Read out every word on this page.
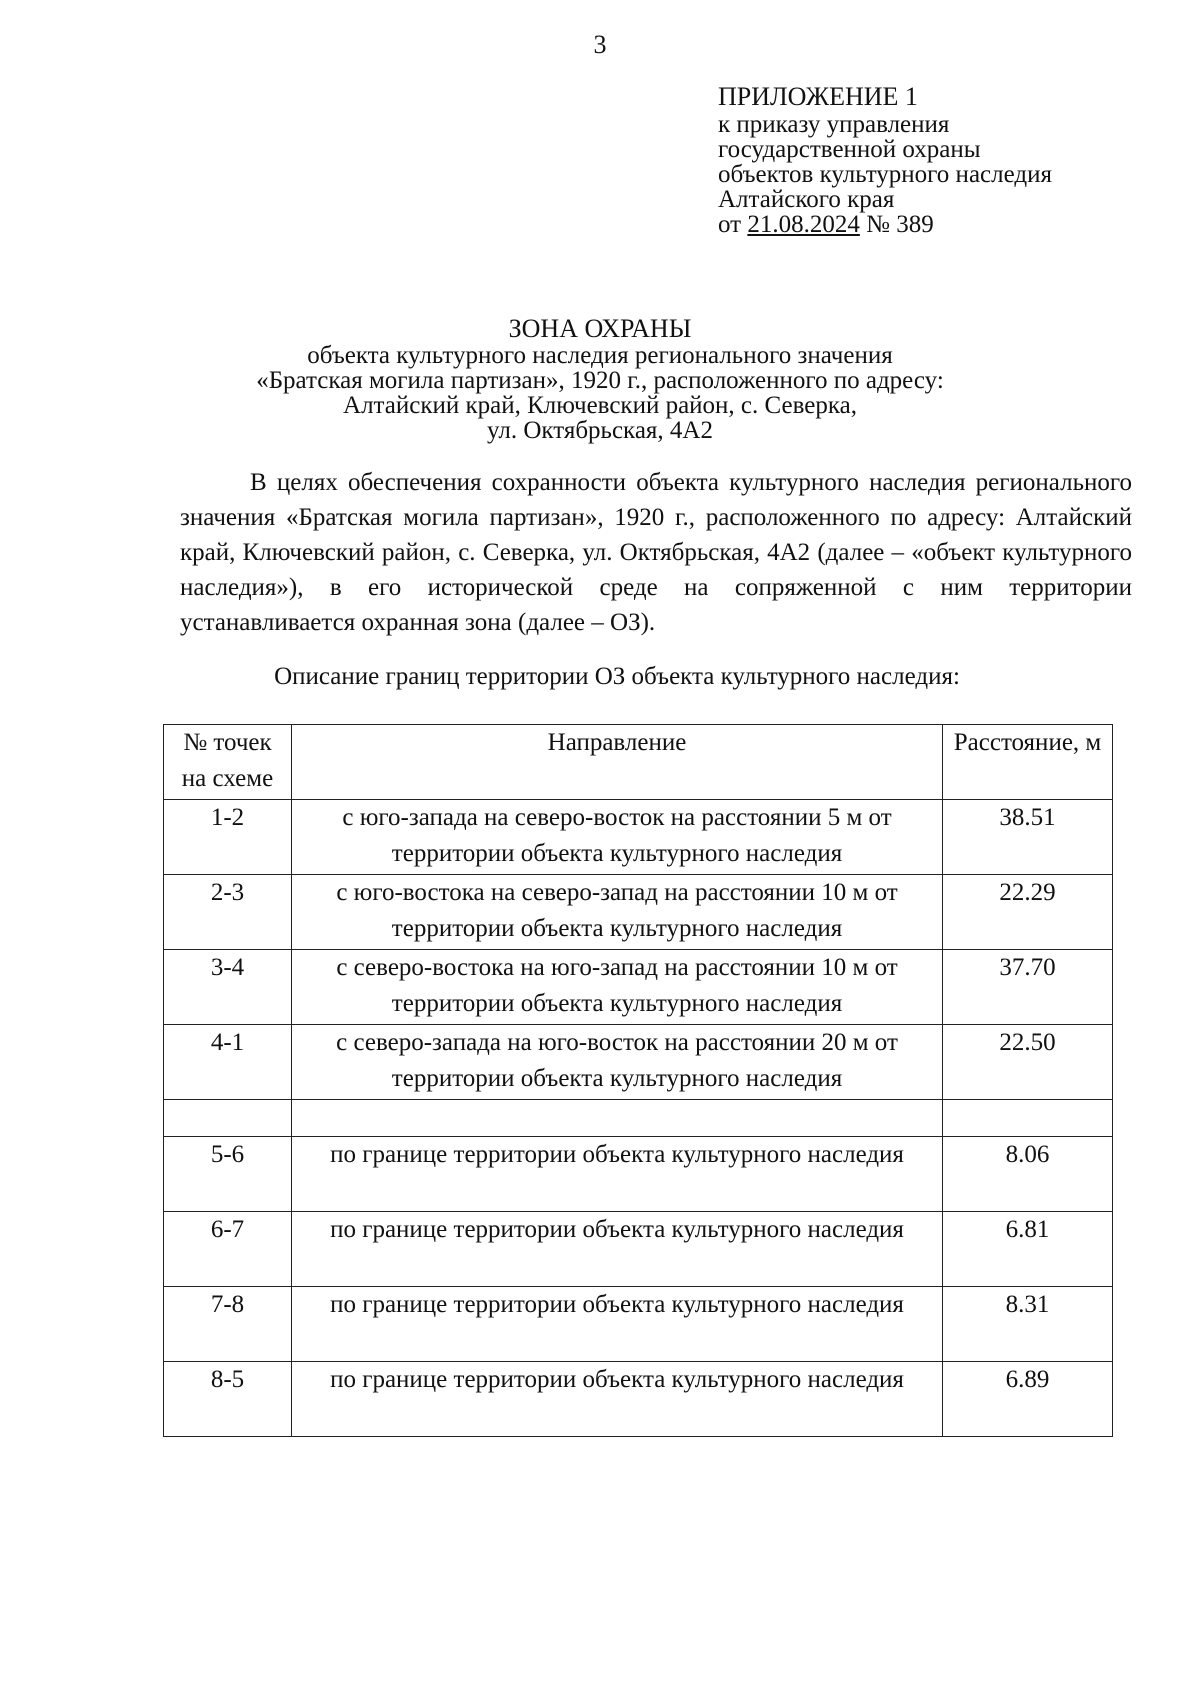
3
ПРИЛОЖЕНИЕ 1
к приказу управления
государственной охраны
объектов культурного наследия
Алтайского края
от 21.08.2024 № 389
ЗОНА ОХРАНЫ
объекта культурного наследия регионального значения
«Братская могила партизан», 1920 г., расположенного по адресу:
Алтайский край, Ключевский район, с. Северка,
ул. Октябрьская, 4А2

В целях обеспечения сохранности объекта культурного наследия регионального значения «Братская могила партизан», 1920 г., расположенного по адресу: Алтайский край, Ключевский район, с. Северка, ул. Октябрьская, 4А2 (далее – «объект культурного наследия»), в его исторической среде на сопряженной с ним территории устанавливается охранная зона (далее – ОЗ).

Описание границ территории ОЗ объекта культурного наследия:

№ точек на схеме	Направление	Расстояние, м
1-2	с юго-запада на северо-восток на расстоянии 5 м от территории объекта культурного наследия	38.51
2-3	с юго-востока на северо-запад на расстоянии 10 м от территории объекта культурного наследия	22.29
3-4	с северо-востока на юго-запад на расстоянии 10 м от территории объекта культурного наследия	37.70
4-1	с северо-запада на юго-восток на расстоянии 20 м от территории объекта культурного наследия	22.50

5-6	по границе территории объекта культурного наследия	8.06
6-7	по границе территории объекта культурного наследия	6.81
7-8	по границе территории объекта культурного наследия	8.31
8-5	по границе территории объекта культурного наследия	6.89
